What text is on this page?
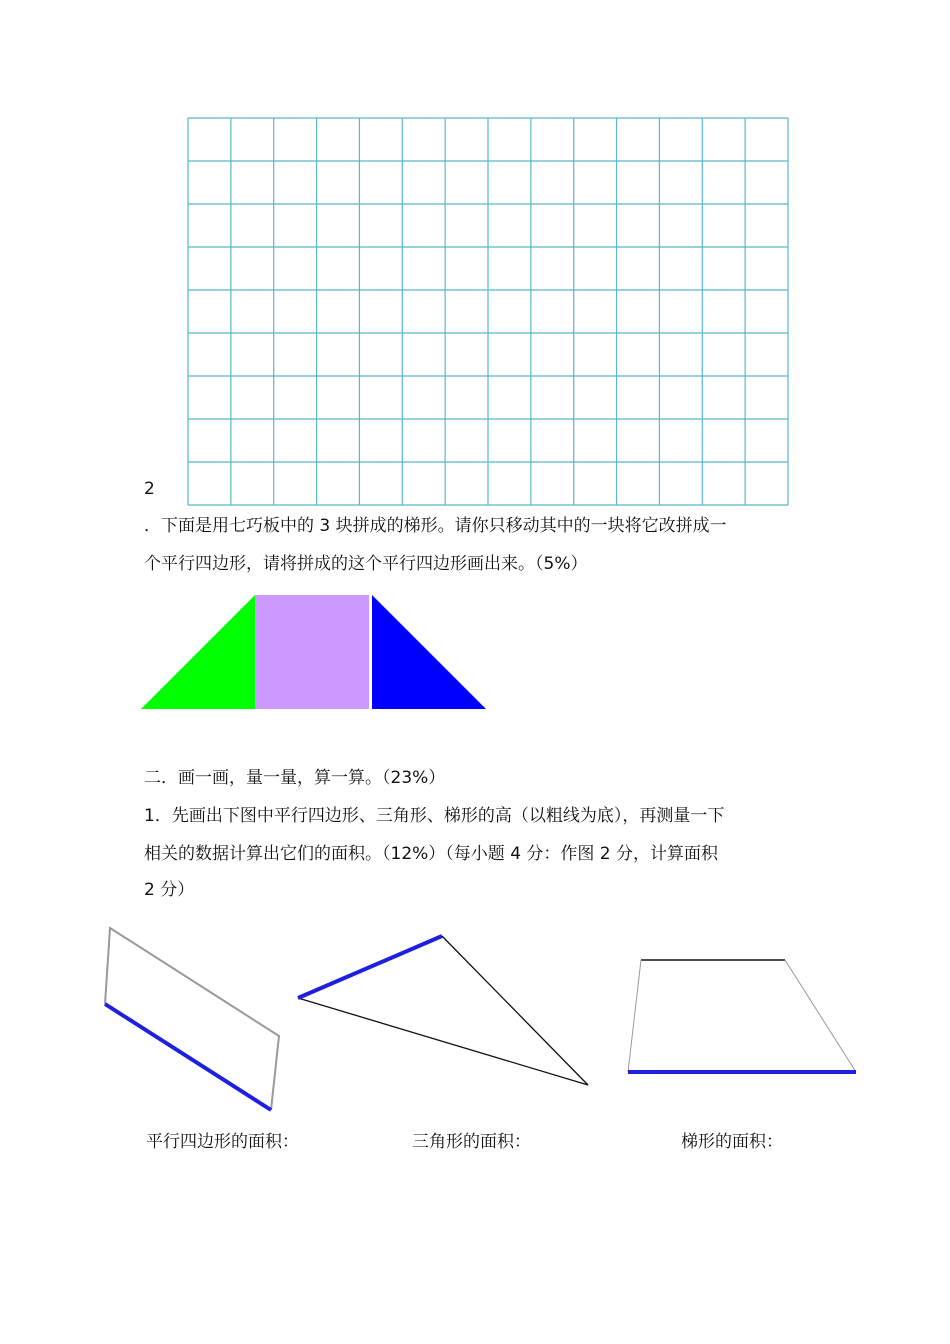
2
．下面是用七巧板中的 3 块拼成的梯形。请你只移动其中的一块将它改拼成一
个平行四边形，请将拼成的这个平行四边形画出来。（5%）
二．画一画，量一量，算一算。（23%）
1．先画出下图中平行四边形、三角形、梯形的高（以粗线为底），再测量一下
相关的数据计算出它们的面积。（12%）（每小题 4 分：作图 2 分，计算面积
2 分）
平行四边形的面积：	三角形的面积：	梯形的面积：
